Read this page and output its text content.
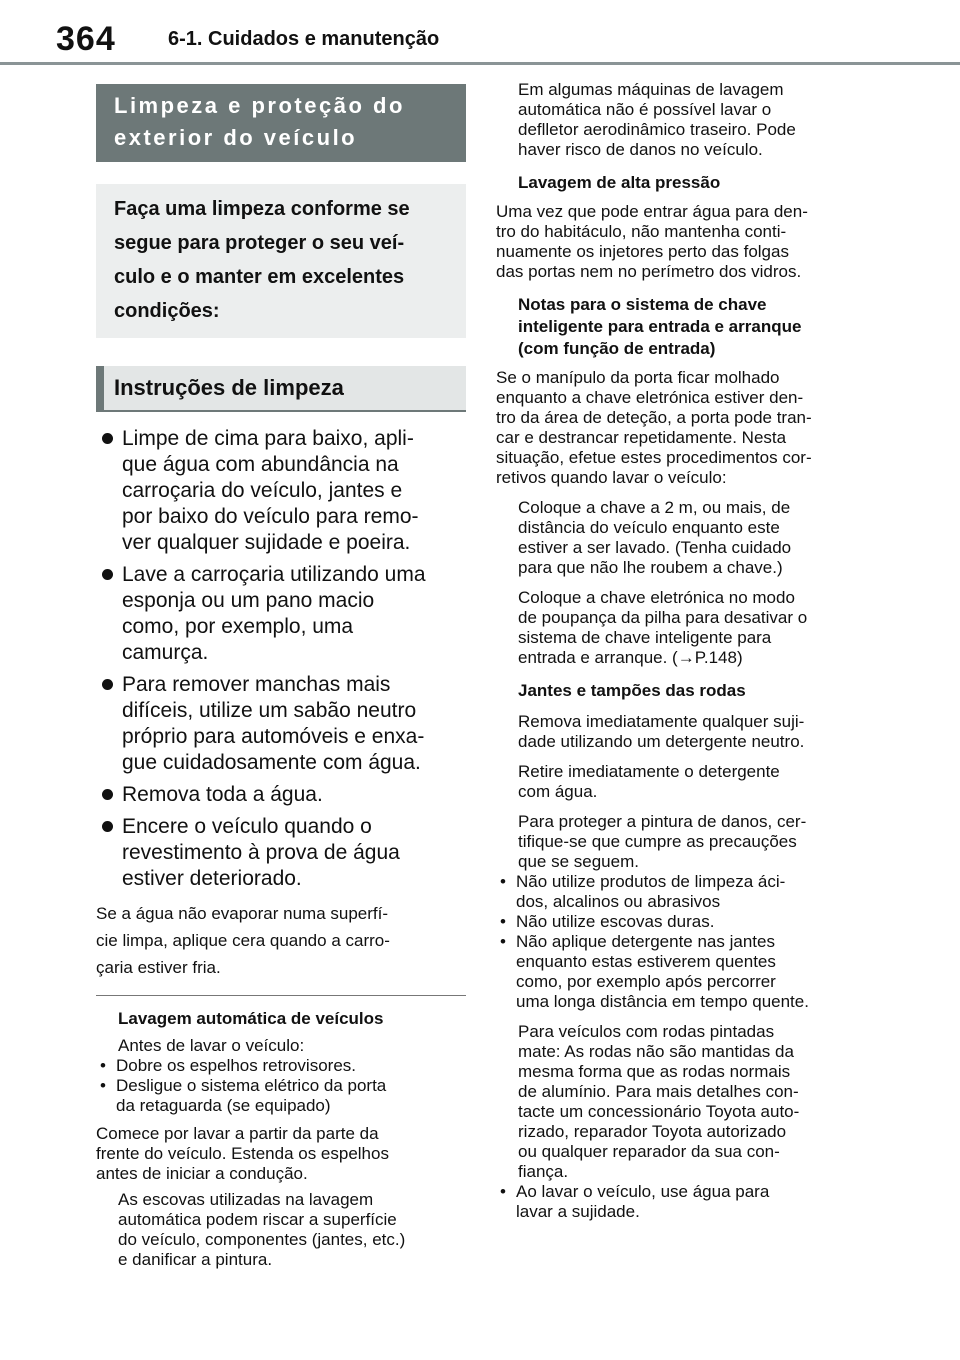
364	6-1. Cuidados e manutenção

Limpeza e proteção do

exterior do veículo

Faça uma limpeza conforme se

segue para proteger o seu veí-

culo e o manter em excelentes

condições:

Instruções de limpeza
Limpe de cima para baixo, apli-
que água com abundância na
carroçaria do veículo, jantes e
por baixo do veículo para remo-
ver qualquer sujidade e poeira.
Lave a carroçaria utilizando uma
esponja ou um pano macio
como, por exemplo, uma
camurça.
Para remover manchas mais
difíceis, utilize um sabão neutro
próprio para automóveis e enxa-
gue cuidadosamente com água.
Remova toda a água.
Encere o veículo quando o
revestimento à prova de água
estiver deteriorado.
Se a água não evaporar numa superfí-
cie limpa, aplique cera quando a carro-
çaria estiver fria.
Lavagem automática de veículos
Antes de lavar o veículo:
• Dobre os espelhos retrovisores.
• Desligue o sistema elétrico da porta
da retaguarda (se equipado)
Comece por lavar a partir da parte da
frente do veículo. Estenda os espelhos
antes de iniciar a condução.
As escovas utilizadas na lavagem
automática podem riscar a superfície
do veículo, componentes (jantes, etc.)
e danificar a pintura.
Em algumas máquinas de lavagem
automática não é possível lavar o
deflletor aerodinâmico traseiro. Pode
haver risco de danos no veículo.
Lavagem de alta pressão
Uma vez que pode entrar água para den-
tro do habitáculo, não mantenha conti-
nuamente os injetores perto das folgas
das portas nem no perímetro dos vidros.
Notas para o sistema de chave
inteligente para entrada e arranque
(com função de entrada)
Se o manípulo da porta ficar molhado
enquanto a chave eletrónica estiver den-
tro da área de deteção, a porta pode tran-
car e destrancar repetidamente. Nesta
situação, efetue estes procedimentos cor-
retivos quando lavar o veículo:
Coloque a chave a 2 m, ou mais, de
distância do veículo enquanto este
estiver a ser lavado. (Tenha cuidado
para que não lhe roubem a chave.)
Coloque a chave eletrónica no modo
de poupança da pilha para desativar o
sistema de chave inteligente para
entrada e arranque. (→P.148)
Jantes e tampões das rodas
Remova imediatamente qualquer suji-
dade utilizando um detergente neutro.
Retire imediatamente o detergente
com água.
Para proteger a pintura de danos, cer-
tifique-se que cumpre as precauções
que se seguem.
• Não utilize produtos de limpeza áci-
dos, alcalinos ou abrasivos
• Não utilize escovas duras.
• Não aplique detergente nas jantes
enquanto estas estiverem quentes
como, por exemplo após percorrer
uma longa distância em tempo quente.
Para veículos com rodas pintadas
mate: As rodas não são mantidas da
mesma forma que as rodas normais
de alumínio. Para mais detalhes con-
tacte um concessionário Toyota auto-
rizado, reparador Toyota autorizado
ou qualquer reparador da sua con-
fiança.
• Ao lavar o veículo, use água para
lavar a sujidade.
